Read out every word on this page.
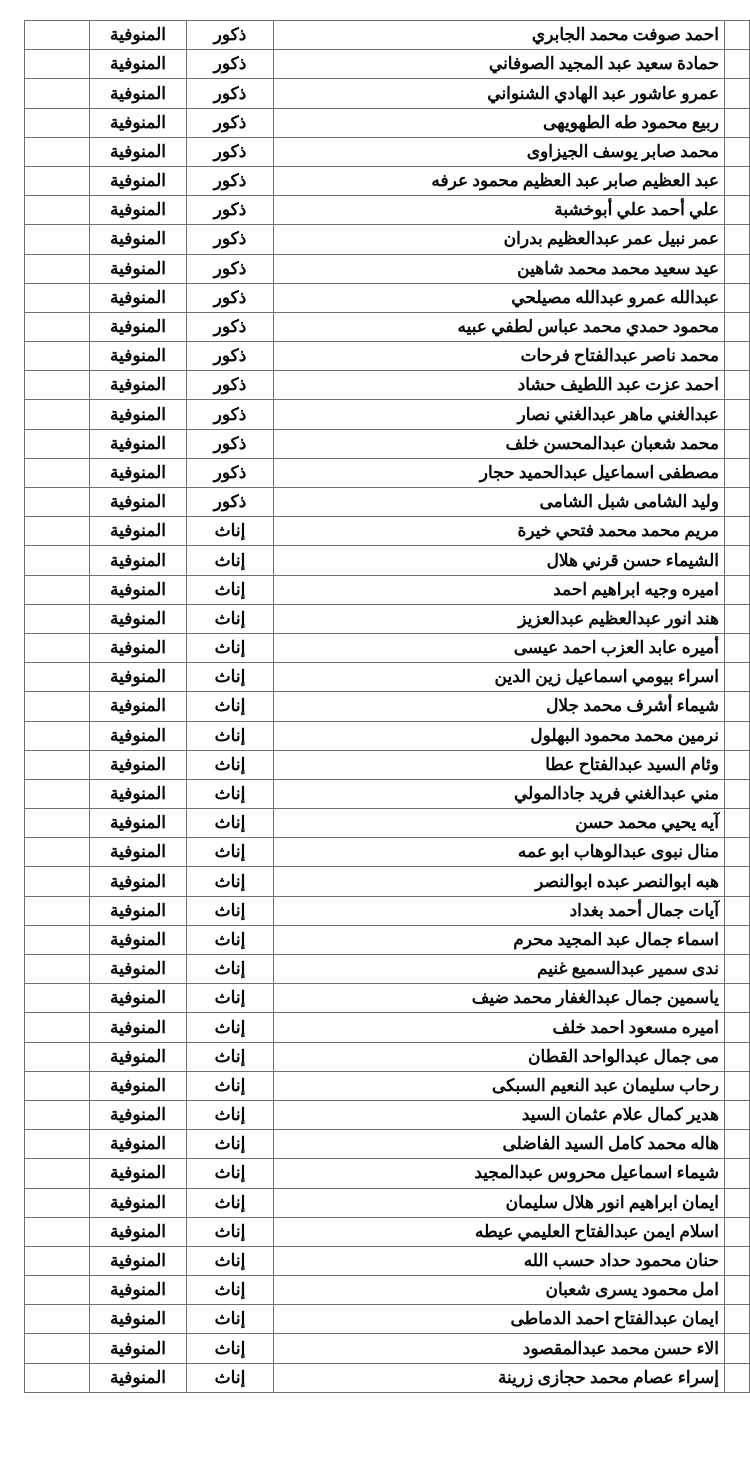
	احمد صوفت محمد الجابري	ذكور	المنوفية	
	حمادة سعيد عبد المجيد الصوفاني	ذكور	المنوفية	
	عمرو عاشور عبد الهادي الشنواني	ذكور	المنوفية	
	ربيع محمود طه الطهويهى	ذكور	المنوفية	
	محمد صابر يوسف الجيزاوى	ذكور	المنوفية	
	عبد العظيم صابر عبد العظيم محمود عرفه	ذكور	المنوفية	
	علي أحمد علي أبوخشبة	ذكور	المنوفية	
	عمر نبيل عمر عبدالعظيم بدران	ذكور	المنوفية	
	عيد سعيد محمد محمد شاهين	ذكور	المنوفية	
	عبدالله عمرو عبدالله مصيلحي	ذكور	المنوفية	
	محمود حمدي محمد عباس لطفي عبيه	ذكور	المنوفية	
	محمد ناصر عبدالفتاح فرحات	ذكور	المنوفية	
	احمد عزت عبد اللطيف حشاد	ذكور	المنوفية	
	عبدالغني ماهر عبدالغني نصار	ذكور	المنوفية	
	محمد شعبان عبدالمحسن خلف	ذكور	المنوفية	
	مصطفى اسماعيل عبدالحميد حجار	ذكور	المنوفية	
	وليد الشامى شبل الشامى	ذكور	المنوفية	
	مريم محمد محمد فتحي خيرة	إناث	المنوفية	
	الشيماء حسن قرني هلال	إناث	المنوفية	
	اميره وجيه ابراهيم احمد	إناث	المنوفية	
	هند انور عبدالعظيم عبدالعزيز	إناث	المنوفية	
	أميره عابد العزب احمد عيسى	إناث	المنوفية	
	اسراء بيومي اسماعيل زين الدين	إناث	المنوفية	
	شيماء أشرف محمد جلال	إناث	المنوفية	
	نرمين محمد محمود البهلول	إناث	المنوفية	
	وئام السيد عبدالفتاح عطا	إناث	المنوفية	
	مني عبدالغني فريد جادالمولي	إناث	المنوفية	
	آيه يحيي محمد حسن	إناث	المنوفية	
	منال نبوى عبدالوهاب ابو عمه	إناث	المنوفية	
	هبه ابوالنصر عبده ابوالنصر	إناث	المنوفية	
	آيات جمال أحمد بغداد	إناث	المنوفية	
	اسماء جمال عبد المجيد محرم	إناث	المنوفية	
	ندى سمير عبدالسميع غنيم	إناث	المنوفية	
	ياسمين جمال عبدالغفار محمد ضيف	إناث	المنوفية	
	اميره مسعود احمد خلف	إناث	المنوفية	
	مى جمال عبدالواحد القطان	إناث	المنوفية	
	رحاب سليمان عبد النعيم السبكى	إناث	المنوفية	
	هدير كمال علام عثمان السيد	إناث	المنوفية	
	هاله محمد كامل السيد الفاضلى	إناث	المنوفية	
	شيماء اسماعيل محروس عبدالمجيد	إناث	المنوفية	
	ايمان ابراهيم انور هلال سليمان	إناث	المنوفية	
	اسلام ايمن عبدالفتاح العليمي عيطه	إناث	المنوفية	
	حنان محمود حداد حسب الله	إناث	المنوفية	
	امل محمود يسرى شعبان	إناث	المنوفية	
	ايمان عبدالفتاح احمد الدماطى	إناث	المنوفية	
	الاء حسن محمد عبدالمقصود	إناث	المنوفية	
	إسراء عصام محمد حجازى زرينة	إناث	المنوفية	
